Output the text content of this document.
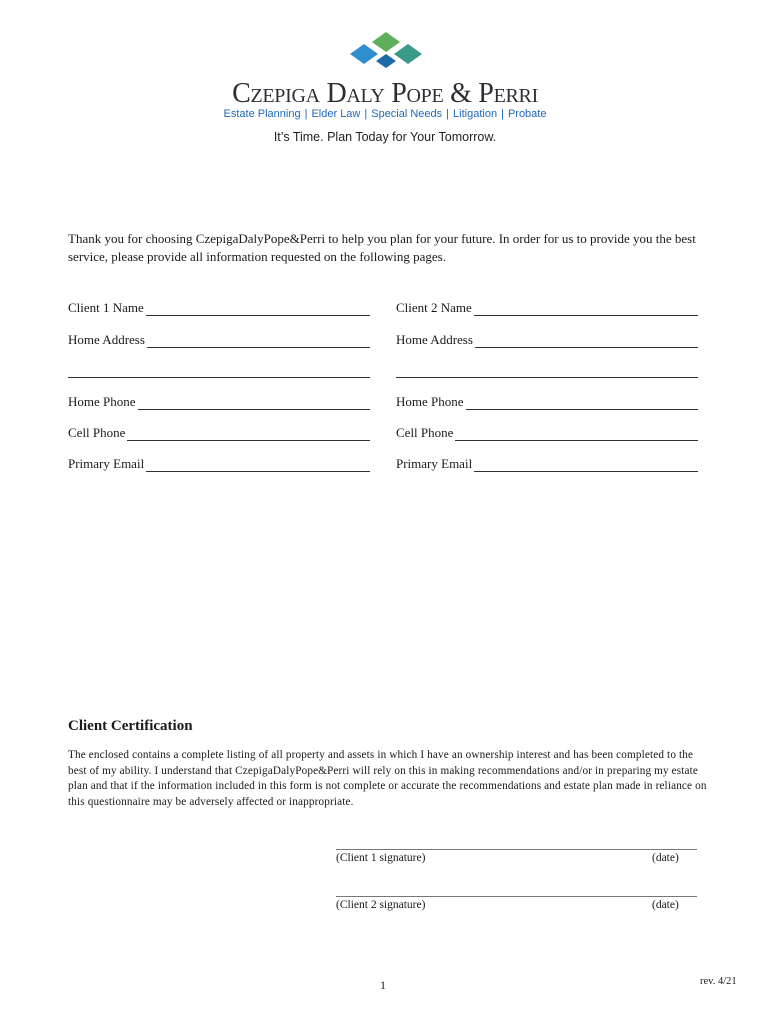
Czepiga Daly Pope & Perri
Estate Planning | Elder Law | Special Needs | Litigation | Probate
It’s Time. Plan Today for Your Tomorrow.
Thank you for choosing CzepigaDalyPope&Perri to help you plan for your future. In order for us to provide you the best service, please provide all information requested on the following pages.
Client 1 Name
Home Address
Home Phone
Cell Phone
Primary Email
Client 2 Name
Home Address
Home Phone
Cell Phone
Primary Email
Client Certification
The enclosed contains a complete listing of all property and assets in which I have an ownership interest and has been completed to the best of my ability. I understand that CzepigaDalyPope&Perri will rely on this in making recommendations and/or in preparing my estate plan and that if the information included in this form is not complete or accurate the recommendations and estate plan made in reliance on this questionnaire may be adversely affected or inappropriate.
(Client 1 signature)	(date)
(Client 2 signature)	(date)
1	rev. 4/21
